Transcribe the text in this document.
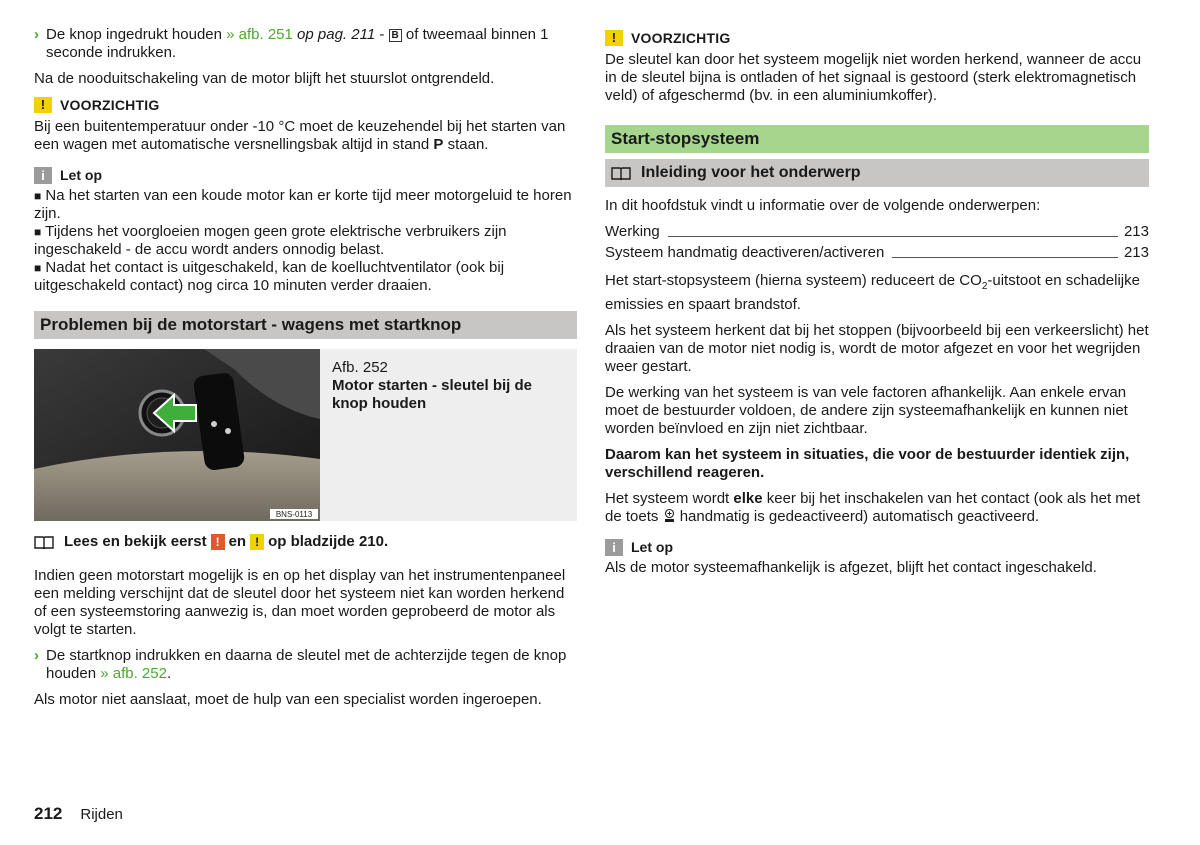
› De knop ingedrukt houden » afb. 251 op pag. 211 - B of tweemaal binnen 1 seconde indrukken.

Na de nooduitschakeling van de motor blijft het stuurslot ontgrendeld.

!	VOORZICHTIG

Bij een buitentemperatuur onder -10 °C moet de keuzehendel bij het starten van een wagen met automatische versnellingsbak altijd in stand P staan.

i	Let op
■ Na het starten van een koude motor kan er korte tijd meer motorgeluid te horen zijn.
■ Tijdens het voorgloeien mogen geen grote elektrische verbruikers zijn ingeschakeld - de accu wordt anders onnodig belast.
■ Nadat het contact is uitgeschakeld, kan de koelluchtventilator (ook bij uitgeschakeld contact) nog circa 10 minuten verder draaien.
Problemen bij de motorstart - wagens met startknop
BNS-0113
Afb. 252
Motor starten - sleutel bij de knop houden
Lees en bekijk eerst ! en ! op bladzijde 210.

Indien geen motorstart mogelijk is en op het display van het instrumentenpaneel een melding verschijnt dat de sleutel door het systeem niet kan worden herkend of een systeemstoring aanwezig is, dan moet worden geprobeerd de motor als volgt te starten.

› De startknop indrukken en daarna de sleutel met de achterzijde tegen de knop houden » afb. 252.

Als motor niet aanslaat, moet de hulp van een specialist worden ingeroepen.

!	VOORZICHTIG

De sleutel kan door het systeem mogelijk niet worden herkend, wanneer de accu in de sleutel bijna is ontladen of het signaal is gestoord (sterk elektromagnetisch veld) of afgeschermd (bv. in een aluminiumkoffer).

Start-stopsysteem
Inleiding voor het onderwerp

In dit hoofdstuk vindt u informatie over de volgende onderwerpen:

Werking	213
Systeem handmatig deactiveren/activeren	213

Het start-stopsysteem (hierna systeem) reduceert de $CO_2$-uitstoot en schadelijke emissies en spaart brandstof.

Als het systeem herkent dat bij het stoppen (bijvoorbeeld bij een verkeerslicht) het draaien van de motor niet nodig is, wordt de motor afgezet en voor het wegrijden weer gestart.

De werking van het systeem is van vele factoren afhankelijk. Aan enkele ervan moet de bestuurder voldoen, de andere zijn systeemafhankelijk en kunnen niet worden beïnvloed en zijn niet zichtbaar.

Daarom kan het systeem in situaties, die voor de bestuurder identiek zijn, verschillend reageren.

Het systeem wordt elke keer bij het inschakelen van het contact (ook als het met de toets  handmatig is gedeactiveerd) automatisch geactiveerd.

i	Let op

Als de motor systeemafhankelijk is afgezet, blijft het contact ingeschakeld.

212 Rijden
